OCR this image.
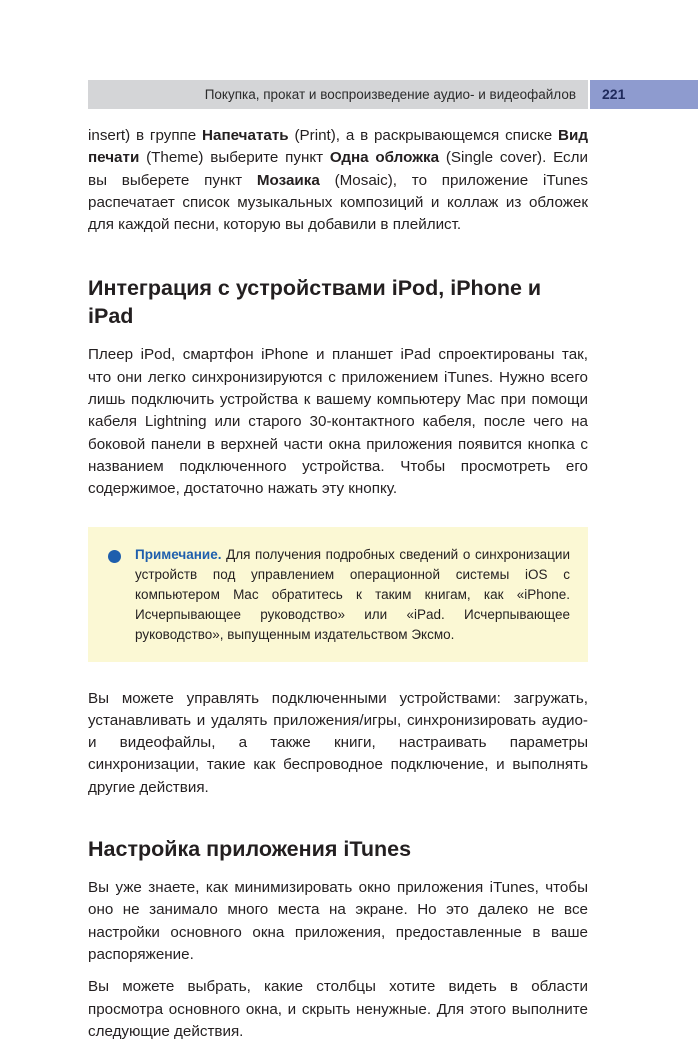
Покупка, прокат и воспроизведение аудио- и видеофайлов 221

insert) в группе Напечатать (Print), а в раскрывающемся списке Вид печати (Theme) выберите пункт Одна обложка (Single cover). Если вы выберете пункт Мозаика (Mosaic), то приложение iTunes распечатает список музыкальных композиций и коллаж из обложек для каждой песни, которую вы добавили в плейлист.

Интеграция с устройствами iPod, iPhone и iPad

Плеер iPod, смартфон iPhone и планшет iPad спроектированы так, что они легко синхронизируются с приложением iTunes. Нужно всего лишь подключить устройства к вашему компьютеру Mac при помощи кабеля Lightning или старого 30-контактного кабеля, после чего на боковой панели в верхней части окна приложения появится кнопка с названием подключенного устройства. Чтобы просмотреть его содержимое, достаточно нажать эту кнопку.

Примечание. Для получения подробных сведений о синхронизации устройств под управлением операционной системы iOS с компьютером Mac обратитесь к таким книгам, как «iPhone. Исчерпывающее руководство» или «iPad. Исчерпывающее руководство», выпущенным издательством Эксмо.

Вы можете управлять подключенными устройствами: загружать, устанавливать и удалять приложения/игры, синхронизировать аудио- и видеофайлы, а также книги, настраивать параметры синхронизации, такие как беспроводное подключение, и выполнять другие действия.

Настройка приложения iTunes

Вы уже знаете, как минимизировать окно приложения iTunes, чтобы оно не занимало много места на экране. Но это далеко не все настройки основного окна приложения, предоставленные в ваше распоряжение.

Вы можете выбрать, какие столбцы хотите видеть в области просмотра основного окна, и скрыть ненужные. Для этого выполните следующие действия.
